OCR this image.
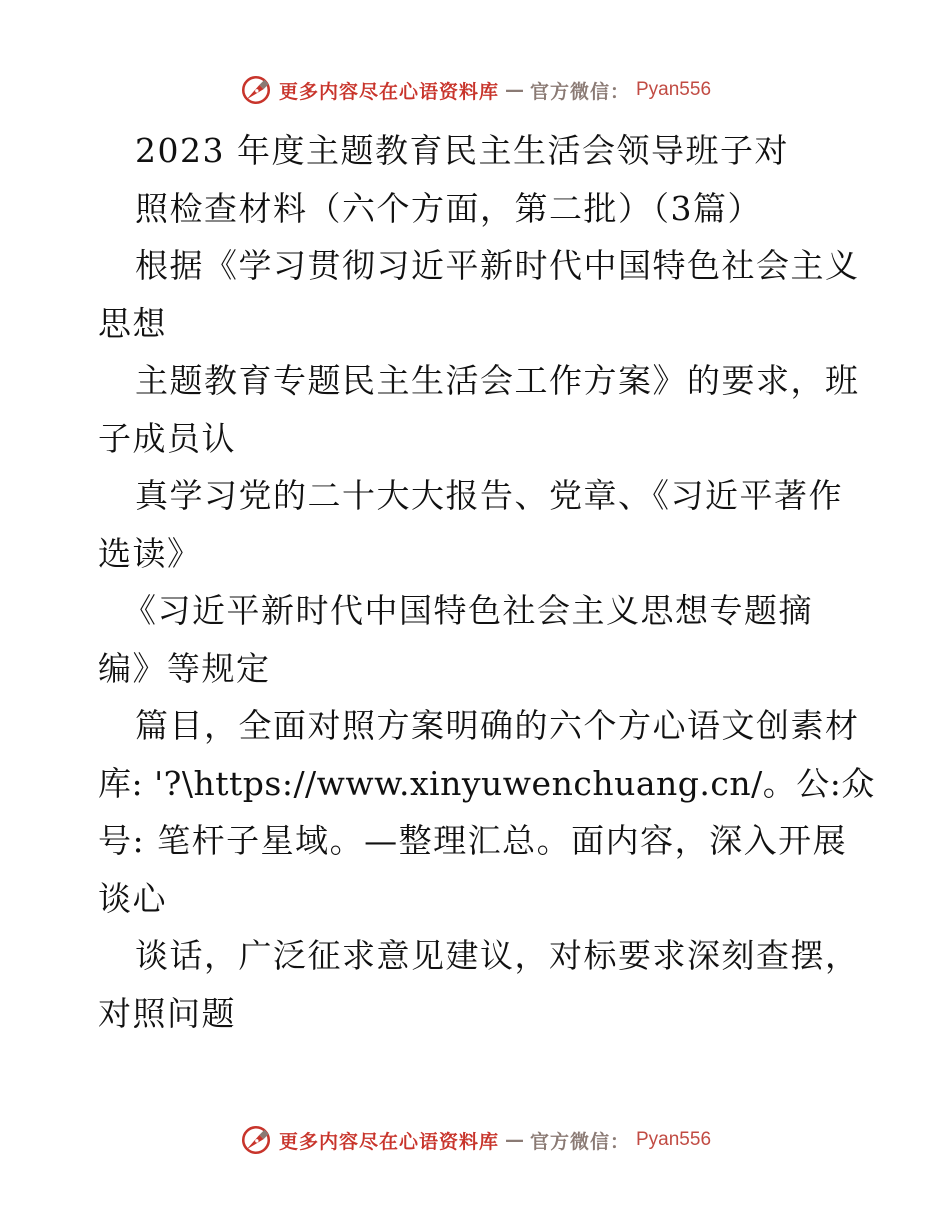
更多内容尽在心语资料库 — 官方微信： Pyan556
2023 年度主题教育民主生活会领导班子对
照检查材料（六个方面，第二批）（3篇）
根据《学习贯彻习近平新时代中国特色社会主义
思想
主题教育专题民主生活会工作方案》的要求，班
子成员认
真学习党的二十大大报告、党章、《习近平著作
选读》
《习近平新时代中国特色社会主义思想专题摘
编》等规定
篇目，全面对照方案明确的六个方心语文创素材
库: '?\https://www.xinyuwenchuang.cn/。公:众
号: 笔杆子星域。—整理汇总。面内容，深入开展
谈心
谈话，广泛征求意见建议，对标要求深刻查摆，
对照问题
更多内容尽在心语资料库 — 官方微信： Pyan556
